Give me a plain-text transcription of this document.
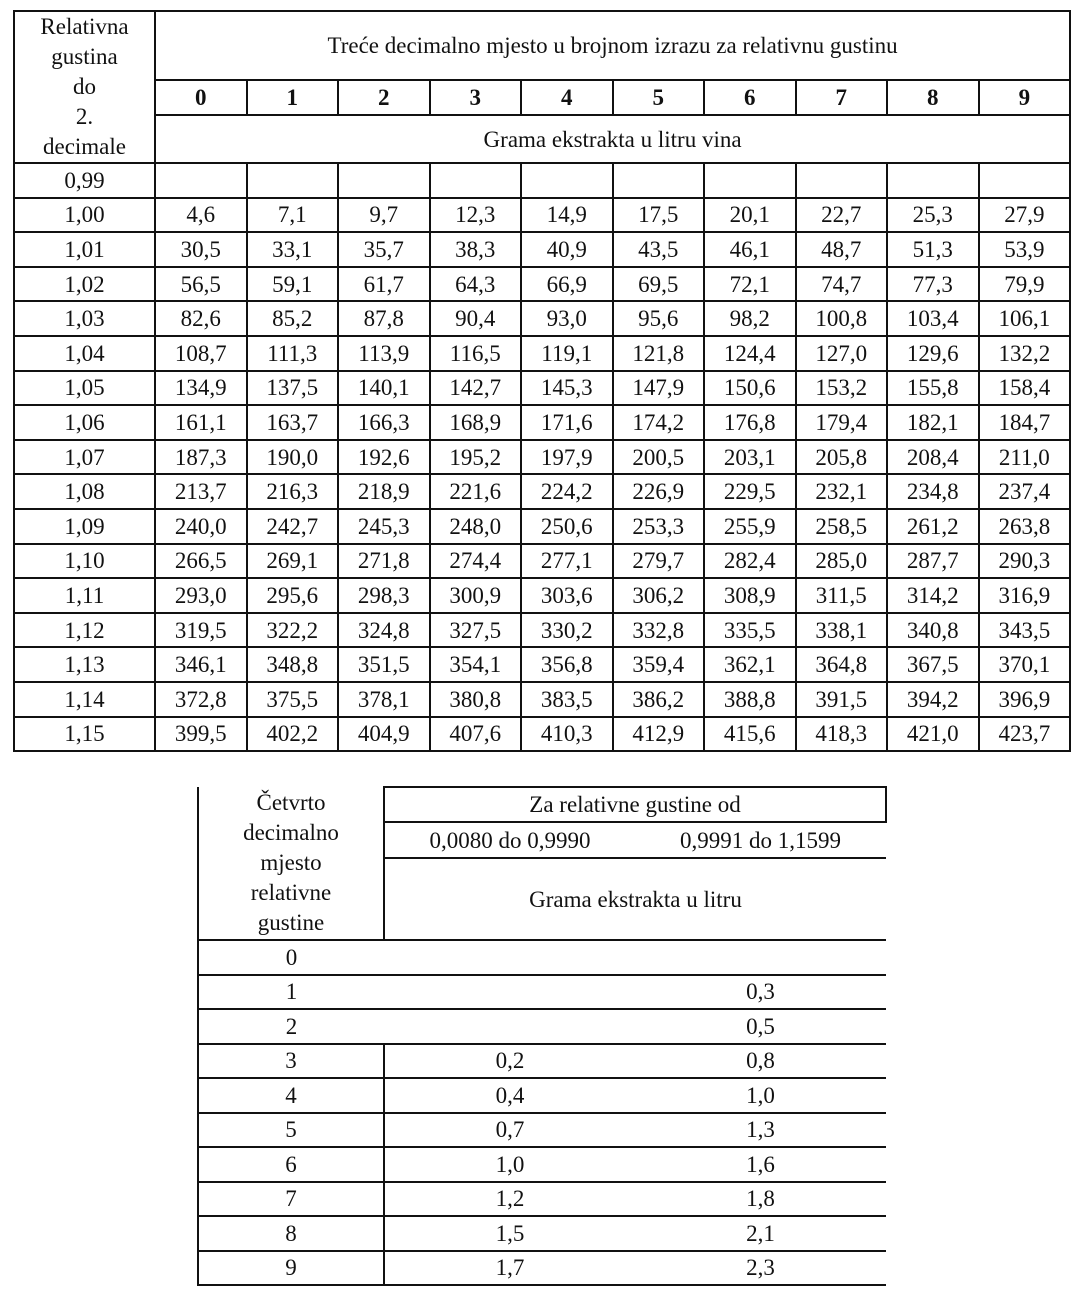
Relativna
gustina
do
2.
decimale	Treće decimalno mjesto u brojnom izrazu za relativnu gustinu									
	0	1	2	3	4	5	6	7	8	9
	Grama ekstrakta u litru vina									
0,99										
1,00	4,6	7,1	9,7	12,3	14,9	17,5	20,1	22,7	25,3	27,9
1,01	30,5	33,1	35,7	38,3	40,9	43,5	46,1	48,7	51,3	53,9
1,02	56,5	59,1	61,7	64,3	66,9	69,5	72,1	74,7	77,3	79,9
1,03	82,6	85,2	87,8	90,4	93,0	95,6	98,2	100,8	103,4	106,1
1,04	108,7	111,3	113,9	116,5	119,1	121,8	124,4	127,0	129,6	132,2
1,05	134,9	137,5	140,1	142,7	145,3	147,9	150,6	153,2	155,8	158,4
1,06	161,1	163,7	166,3	168,9	171,6	174,2	176,8	179,4	182,1	184,7
1,07	187,3	190,0	192,6	195,2	197,9	200,5	203,1	205,8	208,4	211,0
1,08	213,7	216,3	218,9	221,6	224,2	226,9	229,5	232,1	234,8	237,4
1,09	240,0	242,7	245,3	248,0	250,6	253,3	255,9	258,5	261,2	263,8
1,10	266,5	269,1	271,8	274,4	277,1	279,7	282,4	285,0	287,7	290,3
1,11	293,0	295,6	298,3	300,9	303,6	306,2	308,9	311,5	314,2	316,9
1,12	319,5	322,2	324,8	327,5	330,2	332,8	335,5	338,1	340,8	343,5
1,13	346,1	348,8	351,5	354,1	356,8	359,4	362,1	364,8	367,5	370,1
1,14	372,8	375,5	378,1	380,8	383,5	386,2	388,8	391,5	394,2	396,9
1,15	399,5	402,2	404,9	407,6	410,3	412,9	415,6	418,3	421,0	423,7
Četvrto
decimalno
mjesto
relativne
gustine	Za relativne gustine od	
	0,0080 do 0,9990	0,9991 do 1,1599
	Grama ekstrakta u litru	
0		
1		0,3
2		0,5
3	0,2	0,8
4	0,4	1,0
5	0,7	1,3
6	1,0	1,6
7	1,2	1,8
8	1,5	2,1
9	1,7	2,3
